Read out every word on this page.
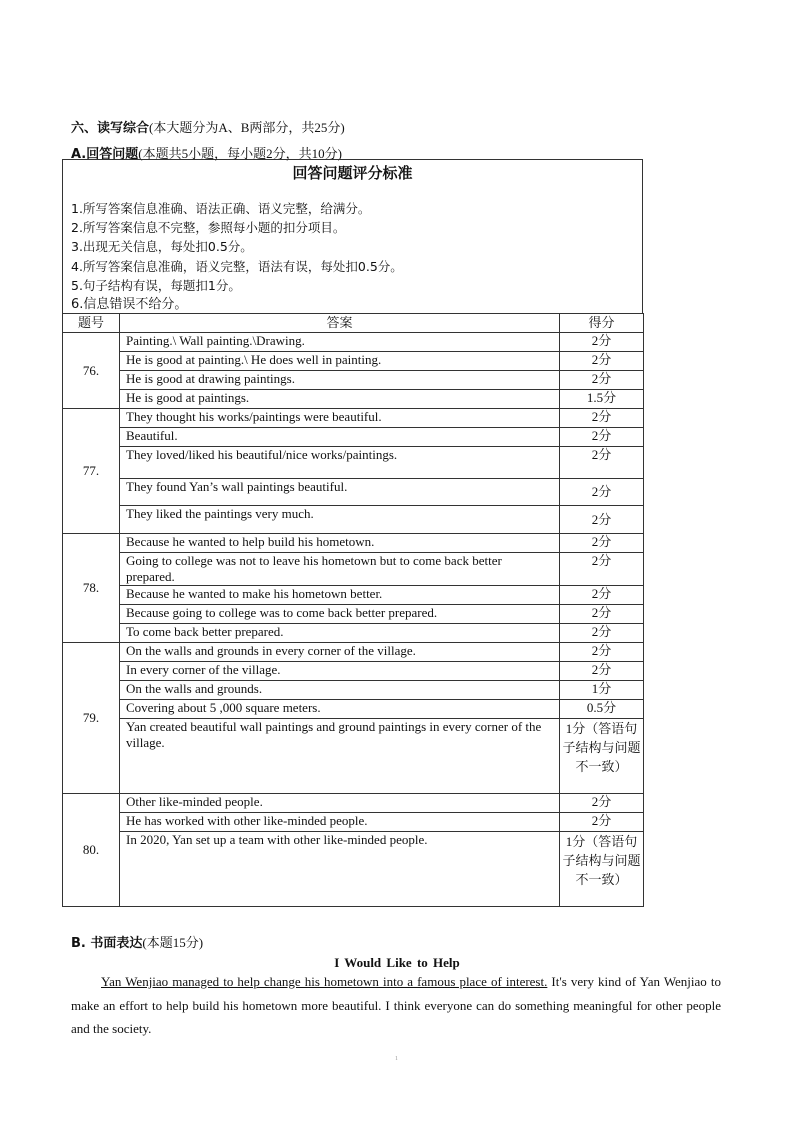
六、读写综合(本大题分为A、B两部分，共25分)
A.回答问题(本题共5小题，每小题2分，共10分)
回答问题评分标准
1.所写答案信息准确、语法正确、语义完整，给满分。
2.所写答案信息不完整，参照每小题的扣分项目。
3.出现无关信息，每处扣0.5分。
4.所写答案信息准确，语义完整，语法有误，每处扣0.5分。
5.句子结构有误，每题扣1分。
6.信息错误不给分。
题号	答案	得分
76.	Painting.\ Wall painting.\Drawing.	2分
	He is good at painting.\ He does well in painting.	2分
	He is good at drawing paintings.	2分
	He is good at paintings.	1.5分
77.	They thought his works/paintings were beautiful.	2分
	Beautiful.	2分
	They loved/liked his beautiful/nice works/paintings.	2分
	They found Yan’s wall paintings beautiful.	2分
	They liked the paintings very much.	2分
78.	Because he wanted to help build his hometown.	2分
	Going to college was not to leave his hometown but to come back better prepared.	2分
	Because he wanted to make his hometown better.	2分
	Because going to college was to come back better prepared.	2分
	To come back better prepared.	2分
79.	On the walls and grounds in every corner of the village.	2分
	In every corner of the village.	2分
	On the walls and grounds.	1分
	Covering about 5 ,000 square meters.	0.5分
	Yan created beautiful wall paintings and ground paintings in every corner of the village.	1分（答语句子结构与问题不一致）
80.	Other like-minded people.	2分
	He has worked with other like-minded people.	2分
	In 2020, Yan set up a team with other like-minded people.	1分（答语句子结构与问题不一致）
B. 书面表达(本题15分)
I Would Like to Help
Yan Wenjiao managed to help change his hometown into a famous place of interest. It's very kind of Yan Wenjiao to make an effort to help build his hometown more beautiful. I think everyone can do something meaningful for other people and the society.
1
